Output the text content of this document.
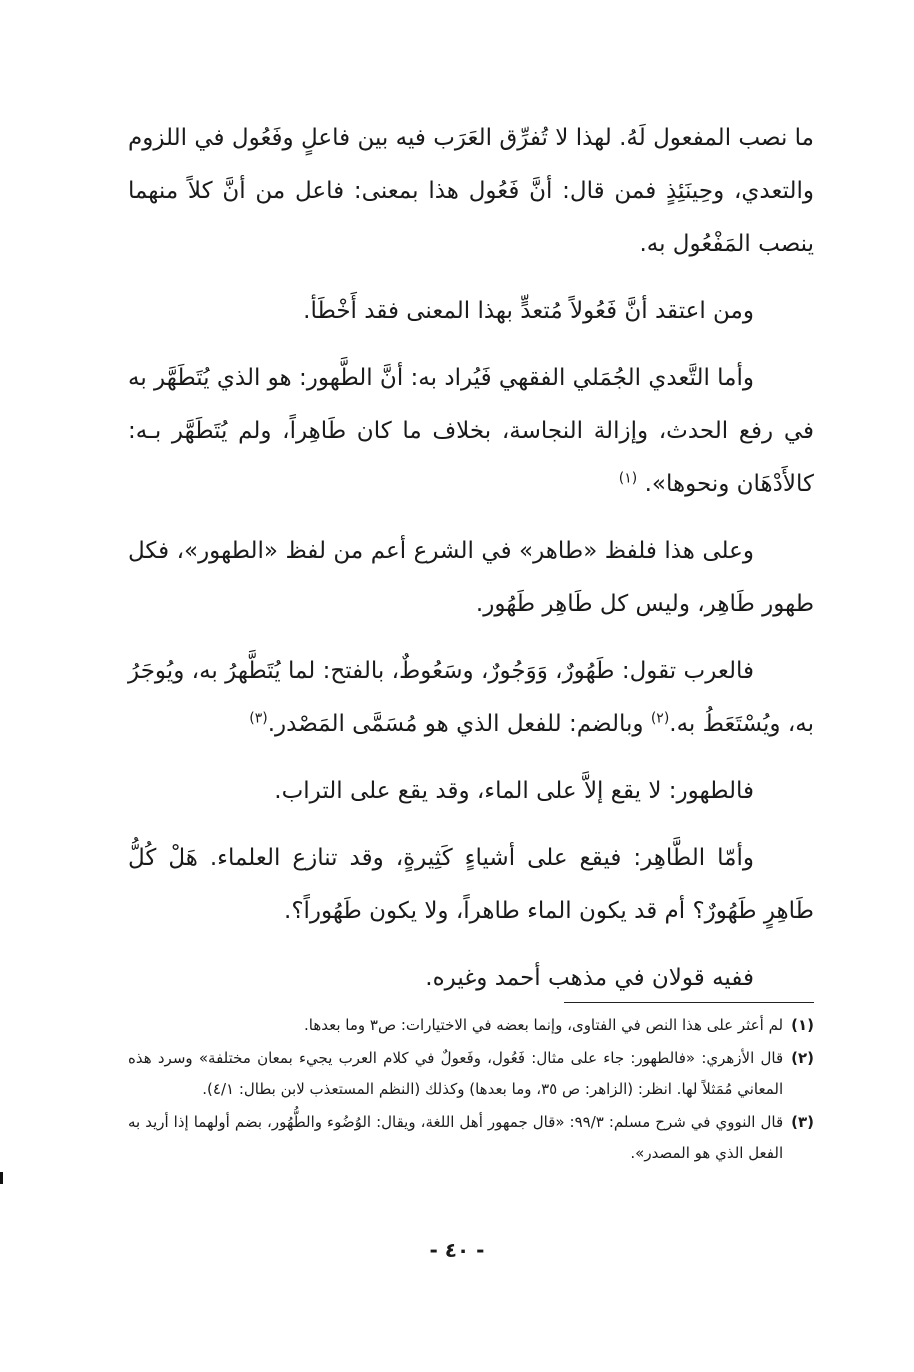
ما نصب المفعول لَهُ. لهذا لا تُفرِّق العَرَب فيه بين فاعلٍ وفَعُول في اللزوم والتعدي، وحِينَئِذٍ فمن قال: أنَّ فَعُول هذا بمعنى: فاعل من أنَّ كلاً منهما ينصب المَفْعُول به.

ومن اعتقد أنَّ فَعُولاً مُتعدٍّ بهذا المعنى فقد أَخْطَأ.

وأما التَّعدي الجُمَلي الفقهي فَيُراد به: أنَّ الطَّهور: هو الذي يُتَطَهَّر به في رفع الحدث، وإزالة النجاسة، بخلاف ما كان طَاهِراً، ولم يُتَطَهَّر بـه: كالأَدْهَان ونحوها». $^{(١)}$

وعلى هذا فلفظ «طاهر» في الشرع أعم من لفظ «الطهور»، فكل طهور طَاهِر، وليس كل طَاهِر طَهُور.

فالعرب تقول: طَهُورٌ، وَوَجُورٌ، وسَعُوطٌ، بالفتح: لما يُتَطَّهرُ به، ويُوجَرُ به، ويُسْتَعَطُ به.$^{(٢)}$ وبالضم: للفعل الذي هو مُسَمَّى المَصْدر.$^{(٣)}$

فالطهور: لا يقع إلاَّ على الماء، وقد يقع على التراب.

وأمّا الطَّاهِر: فيقع على أشياءٍ كَثِيرةٍ، وقد تنازع العلماء. هَلْ كُلُّ طَاهِرٍ طَهُورٌ؟ أم قد يكون الماء طاهراً، ولا يكون طَهُوراً؟.

ففيه قولان في مذهب أحمد وغيره.

(١)
لم أعثر على هذا النص في الفتاوى، وإنما بعضه في الاختيارات: ص٣ وما بعدها.
(٢)
قال الأزهري: «فالطهور: جاء على مثال: فَعُول، وفَعولٌ في كلام العرب يجيء بمعان مختلفة» وسرد هذه المعاني مُمَثلاً لها. انظر: (الزاهر: ص ٣٥، وما بعدها) وكذلك (النظم المستعذب لابن بطال: ٤/١).
(٣)
قال النووي في شرح مسلم: ٩٩/٣: «قال جمهور أهل اللغة، ويقال: الوُضُوء والطُّهُور، بضم أولهما إذا أريد به الفعل الذي هو المصدر».
- ٤٠ -
